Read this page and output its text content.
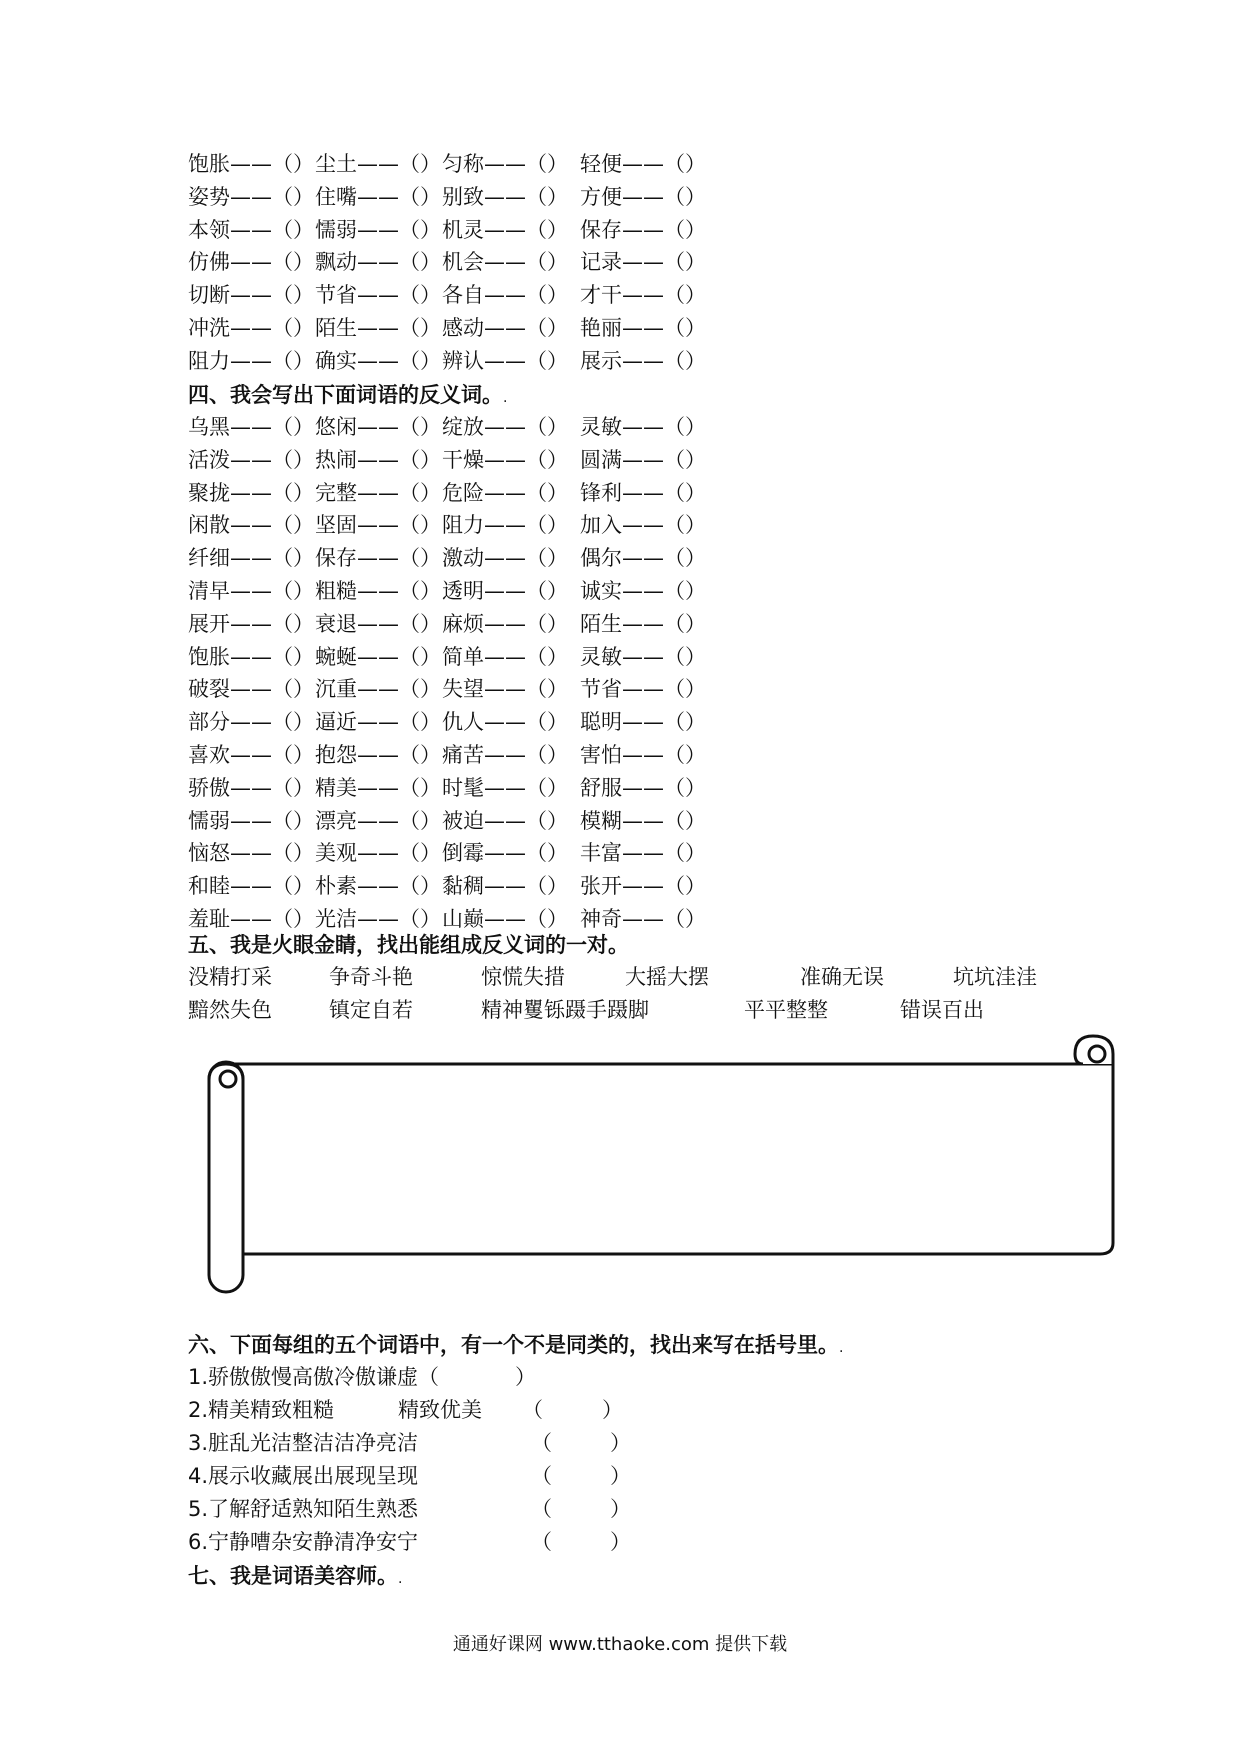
饱胀——（） 尘土——（） 匀称——（） 轻便——（）
姿势——（） 住嘴——（） 别致——（） 方便——（）
本领——（） 懦弱——（） 机灵——（） 保存——（）
仿佛——（） 飘动——（） 机会——（） 记录——（）
切断——（） 节省——（） 各自——（） 才干——（）
冲洗——（） 陌生——（） 感动——（） 艳丽——（）
阻力——（） 确实——（） 辨认——（） 展示——（）
四、我会写出下面词语的反义词。.
乌黑——（） 悠闲——（） 绽放——（） 灵敏——（）
活泼——（） 热闹——（） 干燥——（） 圆满——（）
聚拢——（） 完整——（） 危险——（） 锋利——（）
闲散——（） 坚固——（） 阻力——（） 加入——（）
纤细——（） 保存——（） 激动——（） 偶尔——（）
清早——（） 粗糙——（） 透明——（） 诚实——（）
展开——（） 衰退——（） 麻烦——（） 陌生——（）
饱胀——（） 蜿蜒——（） 简单——（） 灵敏——（）
破裂——（） 沉重——（） 失望——（） 节省——（）
部分——（） 逼近——（） 仇人——（） 聪明——（）
喜欢——（） 抱怨——（） 痛苦——（） 害怕——（）
骄傲——（） 精美——（） 时髦——（） 舒服——（）
懦弱——（） 漂亮——（） 被迫——（） 模糊——（）
恼怒——（） 美观——（） 倒霉——（） 丰富——（）
和睦——（） 朴素——（） 黏稠——（） 张开——（）
羞耻——（） 光洁——（） 山巅——（） 神奇——（）
五、我是火眼金睛，找出能组成反义词的一对。
没精打采	争奇斗艳	惊慌失措	大摇大摆	准确无误	坑坑洼洼
黯然失色	镇定自若	精神矍铄蹑手蹑脚	平平整整	错误百出
六、下面每组的五个词语中，有一个不是同类的，找出来写在括号里。.
1.骄傲傲慢高傲冷傲谦虚（	）
2.精美精致粗糙	精致优美 （	）
3.脏乱光洁整洁洁净亮洁	（	）
4.展示收藏展出展现呈现	（	）
5.了解舒适熟知陌生熟悉	（	）
6.宁静嘈杂安静清净安宁	（	）
七、我是词语美容师。.
通通好课网 www.tthaoke.com 提供下载
